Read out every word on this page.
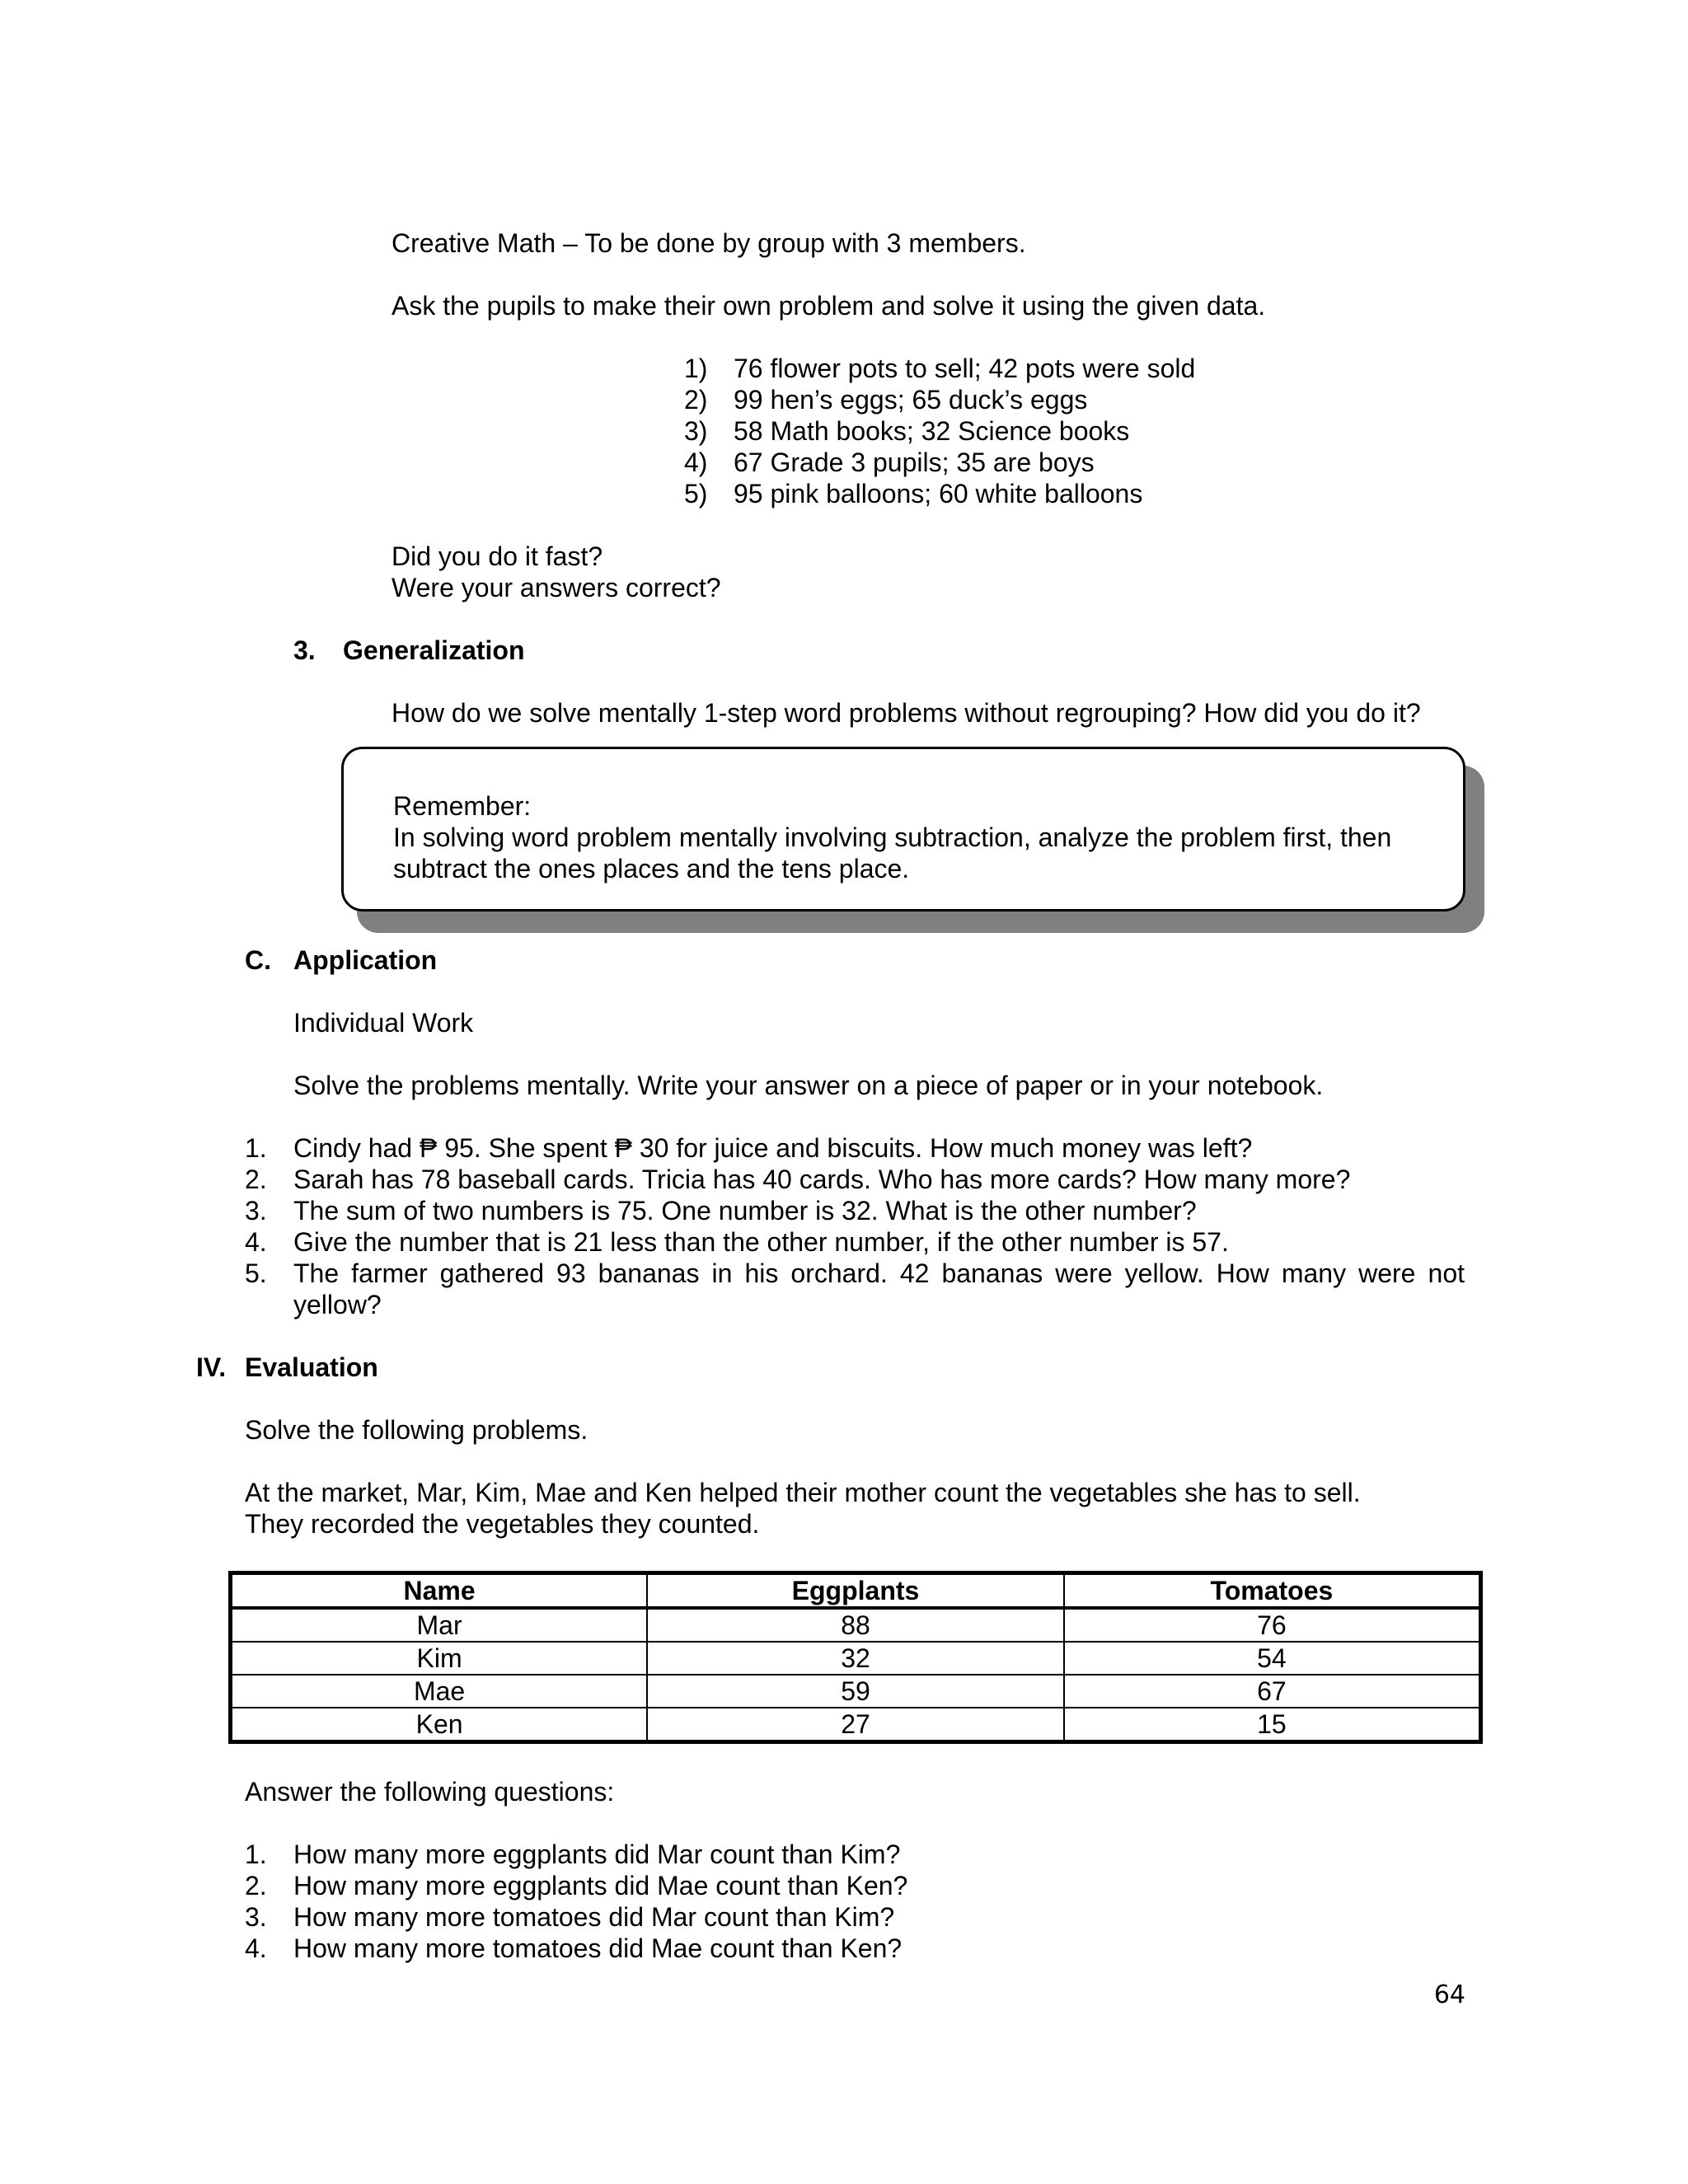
Creative Math – To be done by group with 3 members.
Ask the pupils to make their own problem and solve it using the given data.
1) 76 flower pots to sell; 42 pots were sold
2) 99 hen’s eggs; 65 duck’s eggs
3) 58 Math books; 32 Science books
4) 67 Grade 3 pupils; 35 are boys
5) 95 pink balloons; 60 white balloons
Did you do it fast?
Were your answers correct?
3. Generalization
How do we solve mentally 1-step word problems without regrouping? How did you do it?
Remember:
In solving word problem mentally involving subtraction, analyze the problem first, then
subtract the ones places and the tens place.
C. Application
Individual Work
Solve the problems mentally. Write your answer on a piece of paper or in your notebook.
1. Cindy had ₱ 95. She spent ₱ 30 for juice and biscuits. How much money was left?
2. Sarah has 78 baseball cards. Tricia has 40 cards. Who has more cards? How many more?
3. The sum of two numbers is 75. One number is 32. What is the other number?
4. Give the number that is 21 less than the other number, if the other number is 57.
5. The farmer gathered 93 bananas in his orchard. 42 bananas were yellow. How many were not
yellow?
IV. Evaluation
Solve the following problems.
At the market, Mar, Kim, Mae and Ken helped their mother count the vegetables she has to sell.
They recorded the vegetables they counted.
Name	Eggplants	Tomatoes
Mar	88	76
Kim	32	54
Mae	59	67
Ken	27	15
Answer the following questions:
1. How many more eggplants did Mar count than Kim?
2. How many more eggplants did Mae count than Ken?
3. How many more tomatoes did Mar count than Kim?
4. How many more tomatoes did Mae count than Ken?
64
